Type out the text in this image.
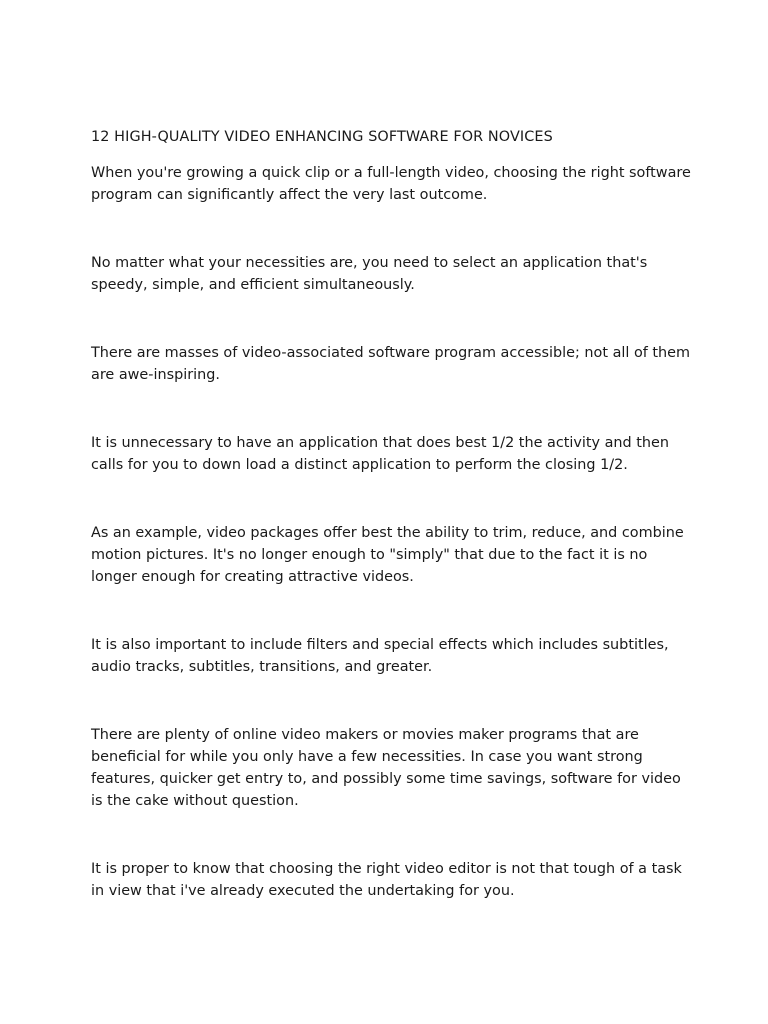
12 HIGH-QUALITY VIDEO ENHANCING SOFTWARE FOR NOVICES

When you're growing a quick clip or a full-length video, choosing the right software program can significantly affect the very last outcome.

No matter what your necessities are, you need to select an application that's speedy, simple, and efficient simultaneously.

There are masses of video-associated software program accessible; not all of them are awe-inspiring.

It is unnecessary to have an application that does best 1/2 the activity and then calls for you to down load a distinct application to perform the closing 1/2.

As an example, video packages offer best the ability to trim, reduce, and combine motion pictures. It's no longer enough to "simply" that due to the fact it is no longer enough for creating attractive videos.

It is also important to include filters and special effects which includes subtitles, audio tracks, subtitles, transitions, and greater.

There are plenty of online video makers or movies maker programs that are beneficial for while you only have a few necessities. In case you want strong features, quicker get entry to, and possibly some time savings, software for video is the cake without question.

It is proper to know that choosing the right video editor is not that tough of a task in view that i've already executed the undertaking for you.
